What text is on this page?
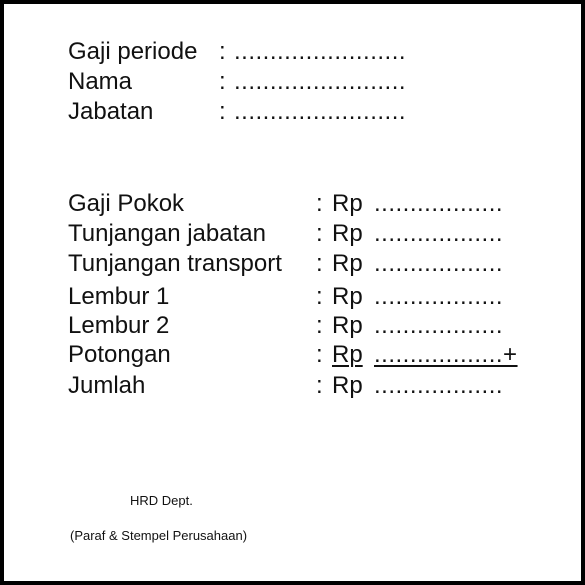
Gaji periode : ........................
Nama	: ........................
Jabatan	: ........................
Gaji Pokok	: Rp ..................
Tunjangan jabatan : Rp ..................
Tunjangan transport : Rp ..................
Lembur 1	: Rp ..................
Lembur 2	: Rp ..................
Potongan	: Rp ..................+
Jumlah	: Rp ..................
HRD Dept.
(Paraf & Stempel Perusahaan)
